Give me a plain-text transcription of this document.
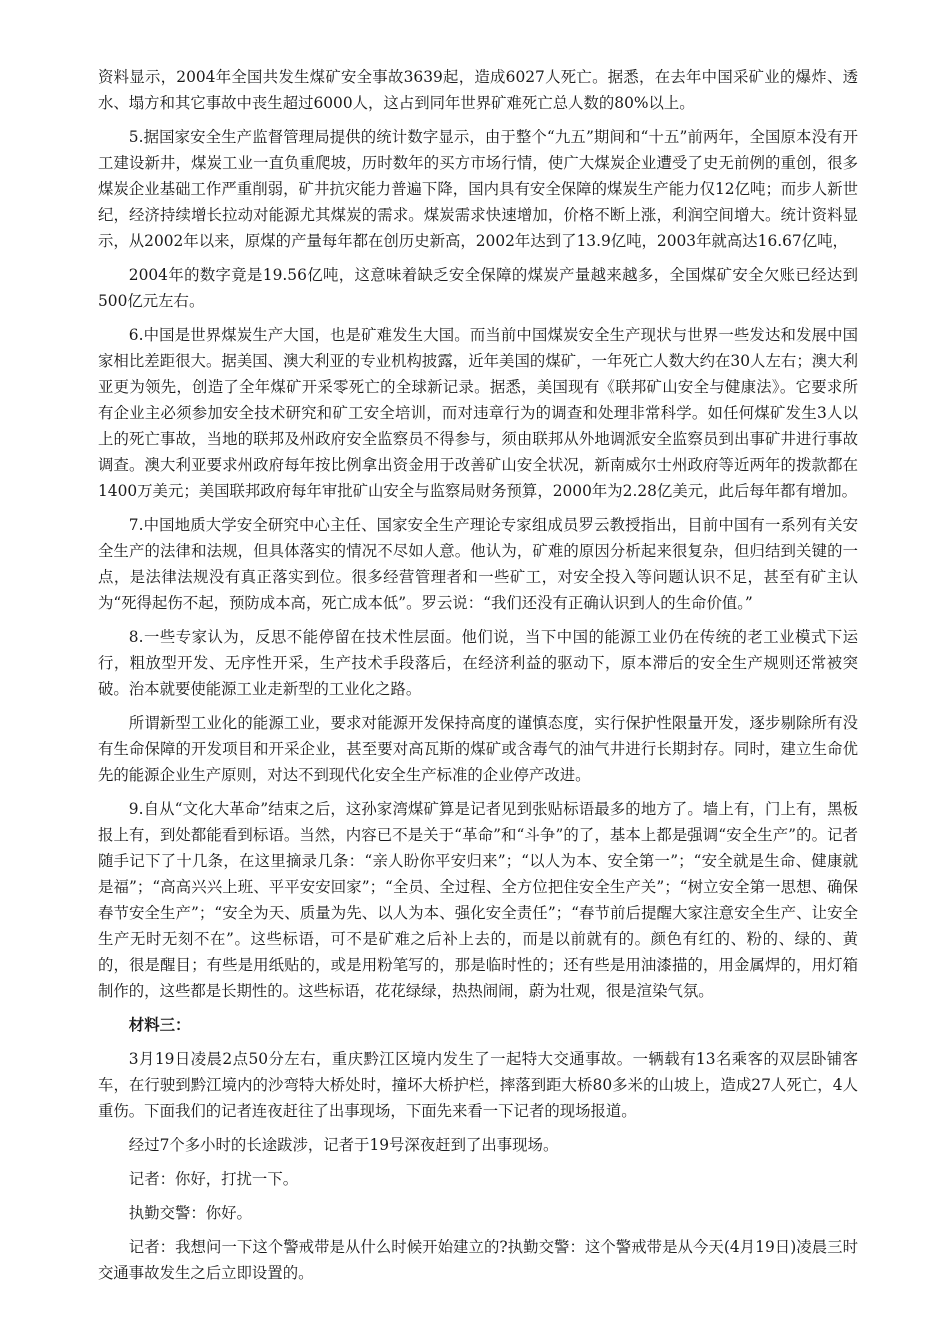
资料显示，2004年全国共发生煤矿安全事故3639起，造成6027人死亡。据悉，在去年中国采矿业的爆炸、透水、塌方和其它事故中丧生超过6000人，这占到同年世界矿难死亡总人数的80%以上。

5.据国家安全生产监督管理局提供的统计数字显示，由于整个“九五”期间和“十五”前两年，全国原本没有开工建设新井，煤炭工业一直负重爬坡，历时数年的买方市场行情，使广大煤炭企业遭受了史无前例的重创，很多煤炭企业基础工作严重削弱，矿井抗灾能力普遍下降，国内具有安全保障的煤炭生产能力仅12亿吨；而步人新世纪，经济持续增长拉动对能源尤其煤炭的需求。煤炭需求快速增加，价格不断上涨，利润空间增大。统计资料显示，从2002年以来，原煤的产量每年都在创历史新高，2002年达到了13.9亿吨，2003年就高达16.67亿吨，

2004年的数字竟是19.56亿吨，这意味着缺乏安全保障的煤炭产量越来越多，全国煤矿安全欠账已经达到500亿元左右。

6.中国是世界煤炭生产大国，也是矿难发生大国。而当前中国煤炭安全生产现状与世界一些发达和发展中国家相比差距很大。据美国、澳大利亚的专业机构披露，近年美国的煤矿，一年死亡人数大约在30人左右；澳大利亚更为领先，创造了全年煤矿开采零死亡的全球新记录。据悉，美国现有《联邦矿山安全与健康法》。它要求所有企业主必须参加安全技术研究和矿工安全培训，而对违章行为的调查和处理非常科学。如任何煤矿发生3人以上的死亡事故，当地的联邦及州政府安全监察员不得参与，须由联邦从外地调派安全监察员到出事矿井进行事故调查。澳大利亚要求州政府每年按比例拿出资金用于改善矿山安全状况，新南威尔士州政府等近两年的拨款都在1400万美元；美国联邦政府每年审批矿山安全与监察局财务预算，2000年为2.28亿美元，此后每年都有增加。

7.中国地质大学安全研究中心主任、国家安全生产理论专家组成员罗云教授指出，目前中国有一系列有关安全生产的法律和法规，但具体落实的情况不尽如人意。他认为，矿难的原因分析起来很复杂，但归结到关键的一点，是法律法规没有真正落实到位。很多经营管理者和一些矿工，对安全投入等问题认识不足，甚至有矿主认为“死得起伤不起，预防成本高，死亡成本低”。罗云说：“我们还没有正确认识到人的生命价值。”

8.一些专家认为，反思不能停留在技术性层面。他们说，当下中国的能源工业仍在传统的老工业模式下运行，粗放型开发、无序性开采，生产技术手段落后，在经济利益的驱动下，原本滞后的安全生产规则还常被突破。治本就要使能源工业走新型的工业化之路。

所谓新型工业化的能源工业，要求对能源开发保持高度的谨慎态度，实行保护性限量开发，逐步剔除所有没有生命保障的开发项目和开采企业，甚至要对高瓦斯的煤矿或含毒气的油气井进行长期封存。同时，建立生命优先的能源企业生产原则，对达不到现代化安全生产标准的企业停产改进。

9.自从“文化大革命”结束之后，这孙家湾煤矿算是记者见到张贴标语最多的地方了。墙上有，门上有，黑板报上有，到处都能看到标语。当然，内容已不是关于“革命”和“斗争”的了，基本上都是强调“安全生产”的。记者随手记下了十几条，在这里摘录几条：“亲人盼你平安归来”；“以人为本、安全第一”；“安全就是生命、健康就是福”；“高高兴兴上班、平平安安回家”；“全员、全过程、全方位把住安全生产关”；“树立安全第一思想、确保春节安全生产”；“安全为天、质量为先、以人为本、强化安全责任”；“春节前后提醒大家注意安全生产、让安全生产无时无刻不在”。这些标语，可不是矿难之后补上去的，而是以前就有的。颜色有红的、粉的、绿的、黄的，很是醒目；有些是用纸贴的，或是用粉笔写的，那是临时性的；还有些是用油漆描的，用金属焊的，用灯箱制作的，这些都是长期性的。这些标语，花花绿绿，热热闹闹，蔚为壮观，很是渲染气氛。

材料三：

3月19日凌晨2点50分左右，重庆黔江区境内发生了一起特大交通事故。一辆载有13名乘客的双层卧铺客车，在行驶到黔江境内的沙弯特大桥处时，撞坏大桥护栏，摔落到距大桥80多米的山坡上，造成27人死亡，4人重伤。下面我们的记者连夜赶往了出事现场，下面先来看一下记者的现场报道。

经过7个多小时的长途跋涉，记者于19号深夜赶到了出事现场。

记者：你好，打扰一下。

执勤交警：你好。

记者：我想问一下这个警戒带是从什么时候开始建立的?执勤交警：这个警戒带是从今天(4月19日)凌晨三时交通事故发生之后立即设置的。
